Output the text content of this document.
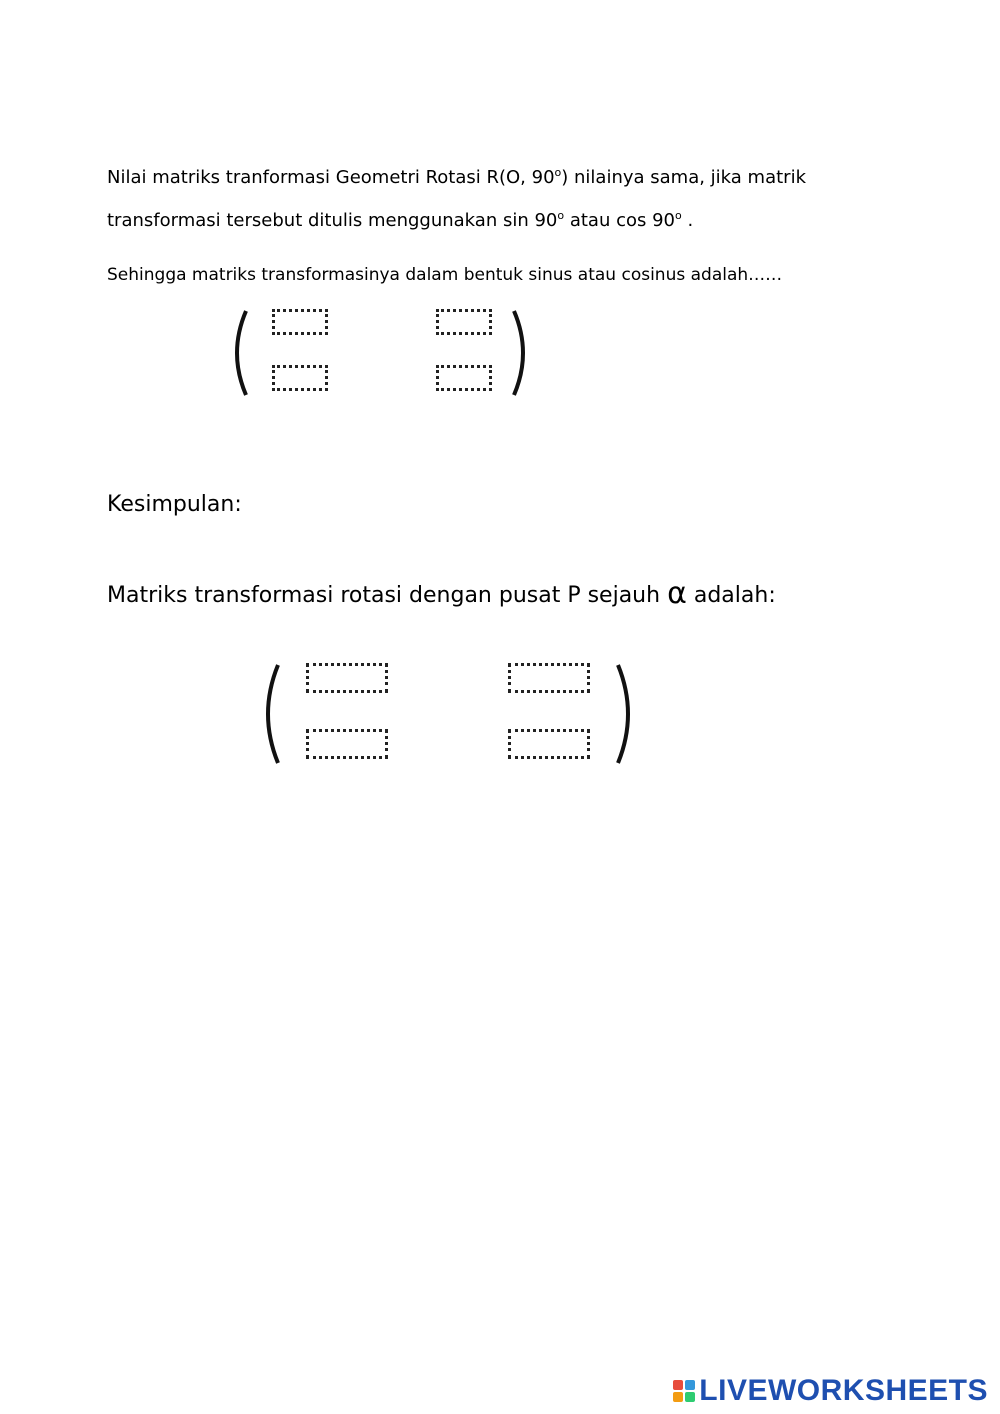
Nilai matriks tranformasi Geometri Rotasi R(O, 90$^o$) nilainya sama, jika matrik
transformasi tersebut ditulis menggunakan sin 90$^o$ atau cos 90$^o$ .
Sehingga matriks transformasinya dalam bentuk sinus atau cosinus adalah……
Kesimpulan:
Matriks transformasi rotasi dengan pusat P sejauh α adalah:
LIVEWORKSHEETS
